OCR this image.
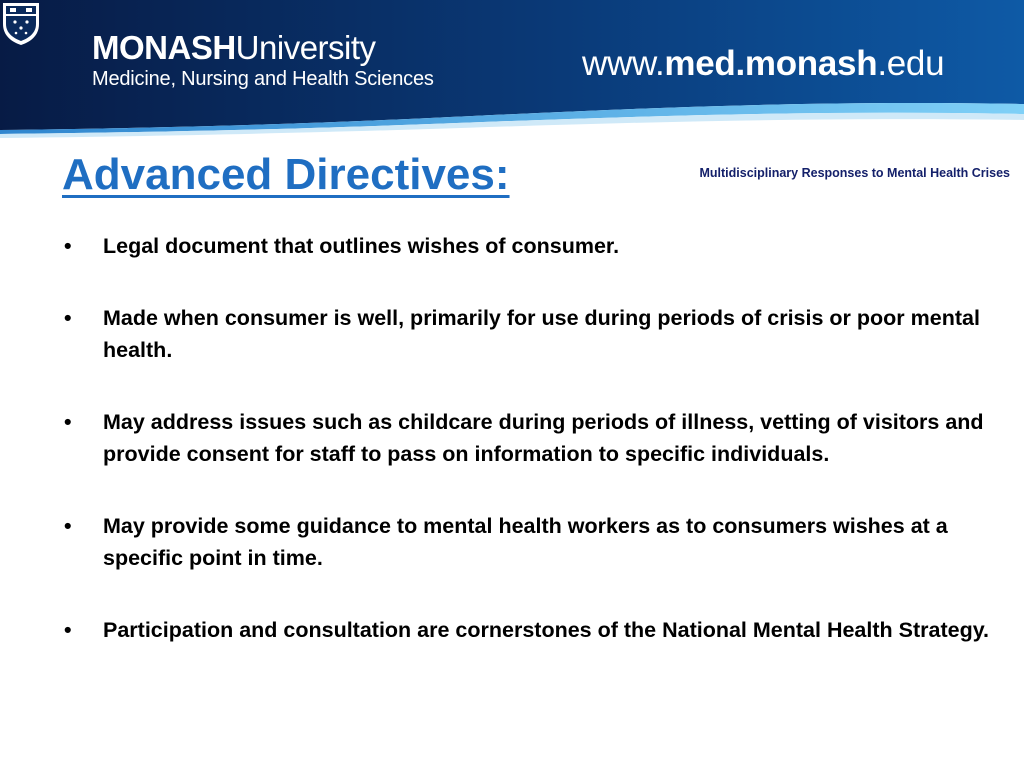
MONASHUniversity
Medicine, Nursing and Health Sciences	www.med.monash.edu
Advanced Directives:	Multidisciplinary Responses to Mental Health Crises
• Legal document that outlines wishes of consumer.
• Made when consumer is well, primarily for use during periods of crisis or poor mental health.
• May address issues such as childcare during periods of illness, vetting of visitors and provide consent for staff to pass on information to specific individuals.
• May provide some guidance to mental health workers as to consumers wishes at a specific point in time.
• Participation and consultation are cornerstones of the National Mental Health Strategy.
